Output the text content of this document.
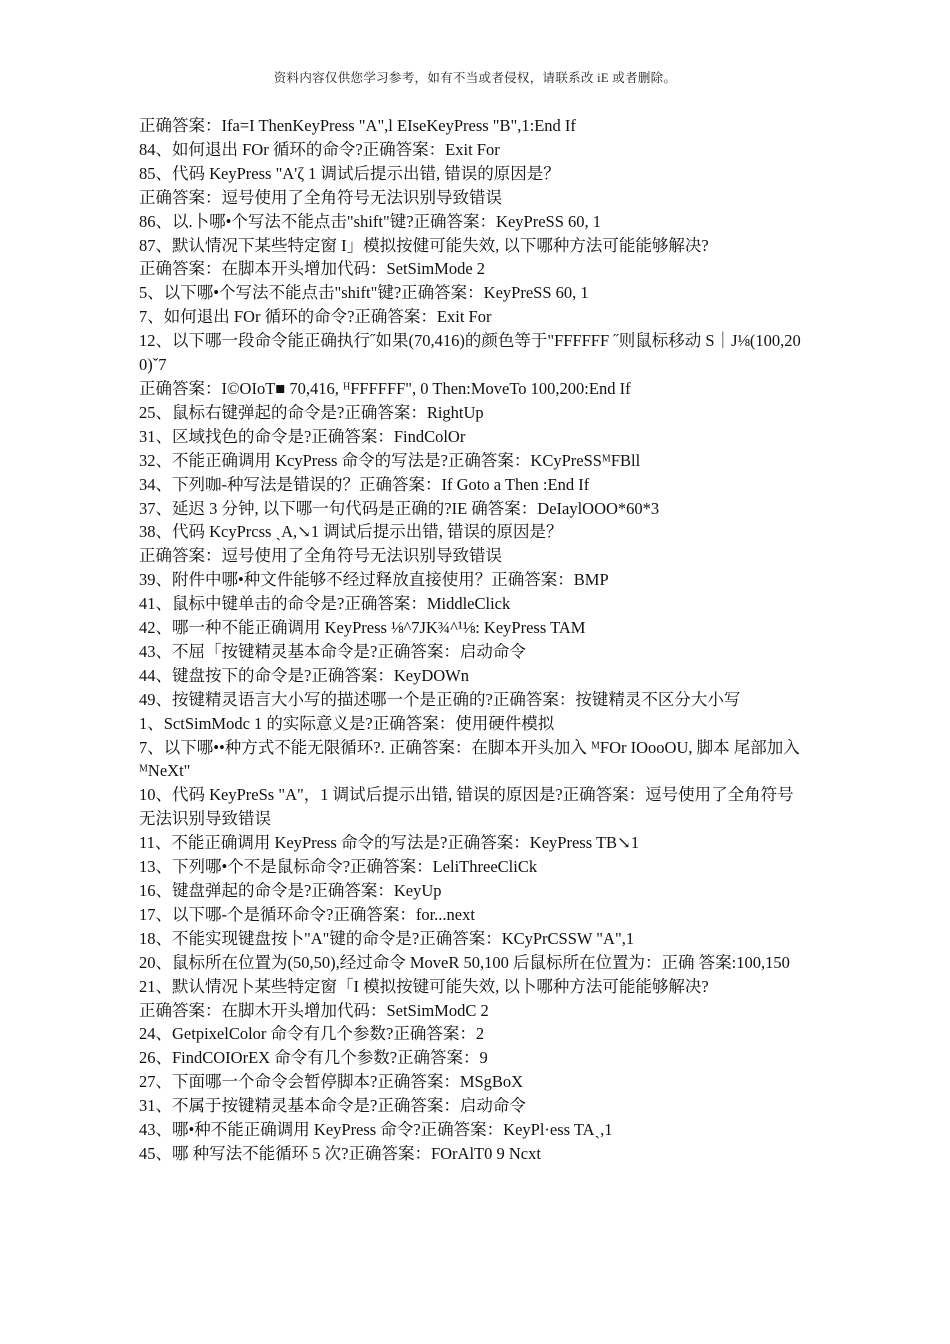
资料内容仅供您学习参考，如有不当或者侵权，请联系改 iE 或者删除。
正确答案：Ifa=I ThenKeyPress "A",l EIseKeyPress "B",1:End If
84、如何退出 FOr 循环的命令?正确答案：Exit For
85、代码 KeyPress "A'ζ 1 调试后提示出错, 错误的原因是？
正确答案：逗号使用了全角符号无法识别导致错误
86、以.卜哪•个写法不能点击"shift"键?正确答案：KeyPreSS 60, 1
87、默认情况下某些特定窗 I」模拟按健可能失效, 以下哪种方法可能能够解决?
正确答案：在脚本开头增加代码：SetSimMode 2
5、以下哪•个写法不能点击"shift"键?正确答案：KeyPreSS 60, 1
7、如何退出 FOr 循环的命令?正确答案：Exit For
12、以下哪一段命令能正确执行˝如果(70,416)的颜色等于"FFFFFF ˝则鼠标移动 S｜J⅛(100,200)ˇ7
正确答案：I©OIoT■ 70,416, ᴴFFFFFF", 0 Then:MoveTo 100,200:End If
25、鼠标右键弹起的命令是?正确答案：RightUp
31、区域找色的命令是?正确答案：FindColOr
32、不能正确调用 KcyPress 命令的写法是?正确答案：KCyPreSSᴹFBll
34、下列咖-种写法是错误的？正确答案：If Goto a Then :End If
37、延迟 3 分钟, 以下哪一句代码是正确的?IE 确答案：DeIaylOOO*60*3
38、代码 KcyPrcss ˏA,↘1 调试后提示出错, 错误的原因是？
正确答案：逗号使用了全角符号无法识别导致错误
39、附件中哪•种文件能够不经过释放直接使用？正确答案：BMP
41、鼠标中键单击的命令是?正确答案：MiddleClick
42、哪一种不能正确调用 KeyPress ⅛^7JK¾^¹⅛: KeyPress TAM
43、不屈「按键精灵基本命令是?正确答案：启动命令
44、键盘按下的命令是?正确答案：KeyDOWn
49、按键精灵语言大小写的描述哪一个是正确的?正确答案：按键精灵不区分大小写
1、SctSimModc 1 的实际意义是?正确答案：使用硬件模拟
7、以下哪••种方式不能无限循环?. 正确答案：在脚本开头加入 ᴹFOr IOooOU, 脚本 尾部加入 ᴹNeXt"
10、代码 KeyPreSs "A"，1 调试后提示出错, 错误的原因是?正确答案：逗号使用了全角符号无法识别导致错误
11、不能正确调用 KeyPress 命令的写法是?正确答案：KeyPress TB↘1
13、下列哪•个不是鼠标命令?正确答案：LeliThreeCliCk
16、键盘弹起的命令是?正确答案：KeyUp
17、以下哪-个是循环命令?正确答案：for...next
18、不能实现键盘按卜"A"键的命令是?正确答案：KCyPrCSSW "A",1
20、鼠标所在位置为(50,50),经过命令 MoveR 50,100 后鼠标所在位置为：正确 答案:100,150
21、默认情况卜某些特定窗「I 模拟按键可能失效, 以卜哪种方法可能能够解决?
正确答案：在脚木开头增加代码：SetSimModC 2
24、GetpixelColor 命令有几个参数?正确答案：2
26、FindCOIOrEX 命令有几个参数?正确答案：9
27、下面哪一个命令会暂停脚本?正确答案：MSgBoX
31、不属于按键精灵基本命令是?正确答案：启动命令
43、哪•种不能正确调用 KeyPress 命令?正确答案：KeyPl·ess TAˏ,1
45、哪 种写法不能循环 5 次?正确答案：FOrAlT0 9 Ncxt
